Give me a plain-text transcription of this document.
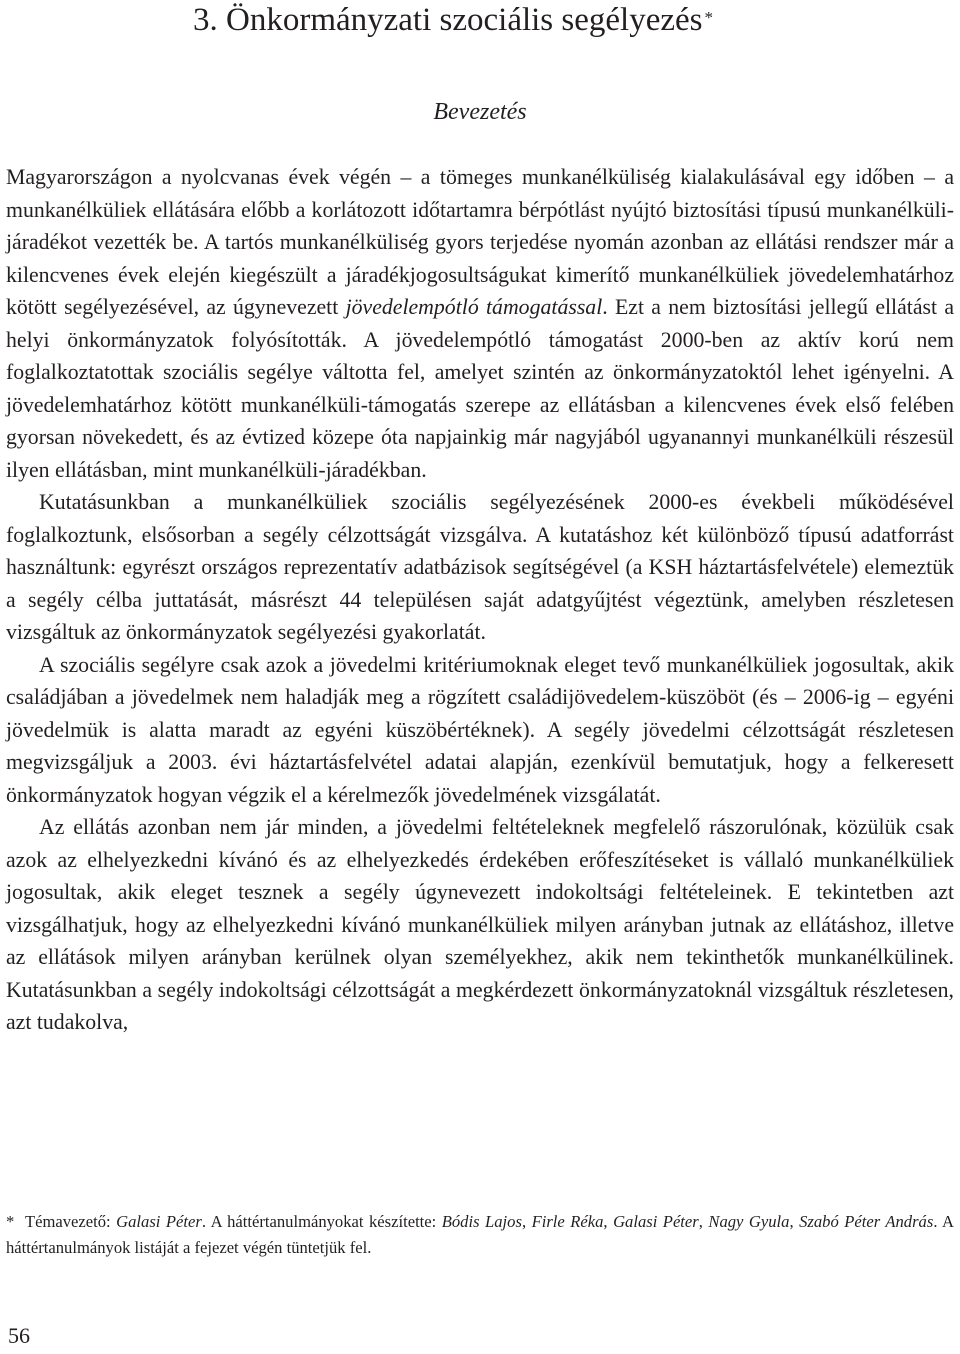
3. Önkormányzati szociális segélyezés *
Bevezetés

Magyarországon a nyolcvanas évek végén – a tömeges munkanélküliség kialakulásával egy időben – a munkanélküliek ellátására előbb a korlátozott időtartamra bérpótlást nyújtó biztosítási típusú munkanélküli-járadékot vezették be. A tartós munkanélküliség gyors terjedése nyomán azonban az ellátási rendszer már a kilencvenes évek elején kiegészült a járadékjogosultságukat kimerítő munkanélküliek jövedelemhatárhoz kötött segélyezésével, az úgynevezett jövedelempótló támogatással. Ezt a nem biztosítási jellegű ellátást a helyi önkormányzatok folyósították. A jövedelempótló támogatást 2000-ben az aktív korú nem foglalkoztatottak szociális segélye váltotta fel, amelyet szintén az önkormányzatoktól lehet igényelni. A jövedelemhatárhoz kötött munkanélküli-támogatás szerepe az ellátásban a kilencvenes évek első felében gyorsan növekedett, és az évtized közepe óta napjainkig már nagyjából ugyanannyi munkanélküli részesül ilyen ellátásban, mint munkanélküli-járadékban.

Kutatásunkban a munkanélküliek szociális segélyezésének 2000-es évekbeli működésével foglalkoztunk, elsősorban a segély célzottságát vizsgálva. A kutatáshoz két különböző típusú adatforrást használtunk: egyrészt országos reprezentatív adatbázisok segítségével (a KSH háztartásfelvétele) elemeztük a segély célba juttatását, másrészt 44 településen saját adatgyűjtést végeztünk, amelyben részletesen vizsgáltuk az önkormányzatok segélyezési gyakorlatát.

A szociális segélyre csak azok a jövedelmi kritériumoknak eleget tevő munkanélküliek jogosultak, akik családjában a jövedelmek nem haladják meg a rögzített családijövedelem-küszöböt (és – 2006-ig – egyéni jövedelmük is alatta maradt az egyéni küszöbértéknek). A segély jövedelmi célzottságát részletesen megvizsgáljuk a 2003. évi háztartásfelvétel adatai alapján, ezenkívül bemutatjuk, hogy a felkeresett önkormányzatok hogyan végzik el a kérelmezők jövedelmének vizsgálatát.

Az ellátás azonban nem jár minden, a jövedelmi feltételeknek megfelelő rászorulónak, közülük csak azok az elhelyezkedni kívánó és az elhelyezkedés érdekében erőfeszítéseket is vállaló munkanélküliek jogosultak, akik eleget tesznek a segély úgynevezett indokoltsági feltételeinek. E tekintetben azt vizsgálhatjuk, hogy az elhelyezkedni kívánó munkanélküliek milyen arányban jutnak az ellátáshoz, illetve az ellátások milyen arányban kerülnek olyan személyekhez, akik nem tekinthetők munkanélkülinek. Kutatásunkban a segély indokoltsági célzottságát a megkérdezett önkormányzatoknál vizsgáltuk részletesen, azt tudakolva,

* Témavezető: Galasi Péter. A háttértanulmányokat készítette: Bódis Lajos, Firle Réka, Galasi Péter, Nagy Gyula, Szabó Péter András. A háttértanulmányok listáját a fejezet végén tüntetjük fel.

56
